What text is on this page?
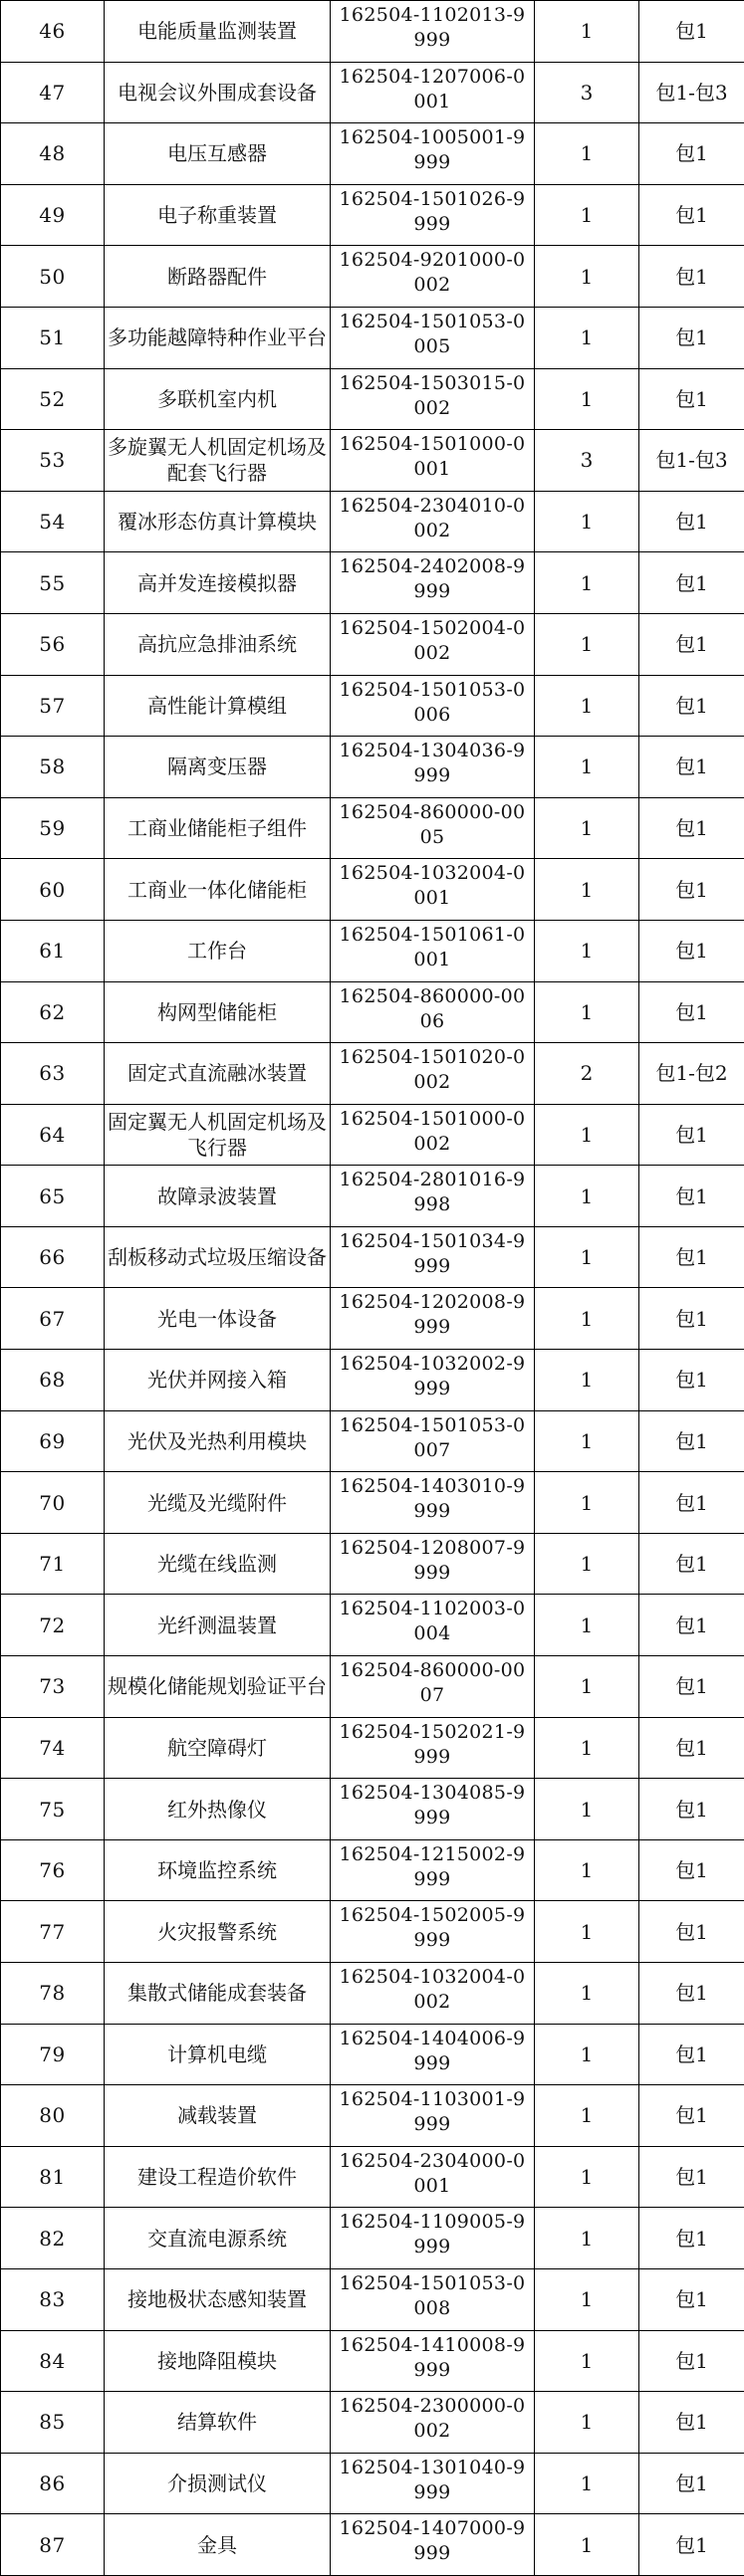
46	电能质量监测装置	162504-1102013-9999	1	包1
47	电视会议外围成套设备	162504-1207006-0001	3	包1-包3
48	电压互感器	162504-1005001-9999	1	包1
49	电子称重装置	162504-1501026-9999	1	包1
50	断路器配件	162504-9201000-0002	1	包1
51	多功能越障特种作业平台	162504-1501053-0005	1	包1
52	多联机室内机	162504-1503015-0002	1	包1
53	多旋翼无人机固定机场及配套飞行器	162504-1501000-0001	3	包1-包3
54	覆冰形态仿真计算模块	162504-2304010-0002	1	包1
55	高并发连接模拟器	162504-2402008-9999	1	包1
56	高抗应急排油系统	162504-1502004-0002	1	包1
57	高性能计算模组	162504-1501053-0006	1	包1
58	隔离变压器	162504-1304036-9999	1	包1
59	工商业储能柜子组件	162504-860000-0005	1	包1
60	工商业一体化储能柜	162504-1032004-0001	1	包1
61	工作台	162504-1501061-0001	1	包1
62	构网型储能柜	162504-860000-0006	1	包1
63	固定式直流融冰装置	162504-1501020-0002	2	包1-包2
64	固定翼无人机固定机场及飞行器	162504-1501000-0002	1	包1
65	故障录波装置	162504-2801016-9998	1	包1
66	刮板移动式垃圾压缩设备	162504-1501034-9999	1	包1
67	光电一体设备	162504-1202008-9999	1	包1
68	光伏并网接入箱	162504-1032002-9999	1	包1
69	光伏及光热利用模块	162504-1501053-0007	1	包1
70	光缆及光缆附件	162504-1403010-9999	1	包1
71	光缆在线监测	162504-1208007-9999	1	包1
72	光纤测温装置	162504-1102003-0004	1	包1
73	规模化储能规划验证平台	162504-860000-0007	1	包1
74	航空障碍灯	162504-1502021-9999	1	包1
75	红外热像仪	162504-1304085-9999	1	包1
76	环境监控系统	162504-1215002-9999	1	包1
77	火灾报警系统	162504-1502005-9999	1	包1
78	集散式储能成套装备	162504-1032004-0002	1	包1
79	计算机电缆	162504-1404006-9999	1	包1
80	减载装置	162504-1103001-9999	1	包1
81	建设工程造价软件	162504-2304000-0001	1	包1
82	交直流电源系统	162504-1109005-9999	1	包1
83	接地极状态感知装置	162504-1501053-0008	1	包1
84	接地降阻模块	162504-1410008-9999	1	包1
85	结算软件	162504-2300000-0002	1	包1
86	介损测试仪	162504-1301040-9999	1	包1
87	金具	162504-1407000-9999	1	包1
